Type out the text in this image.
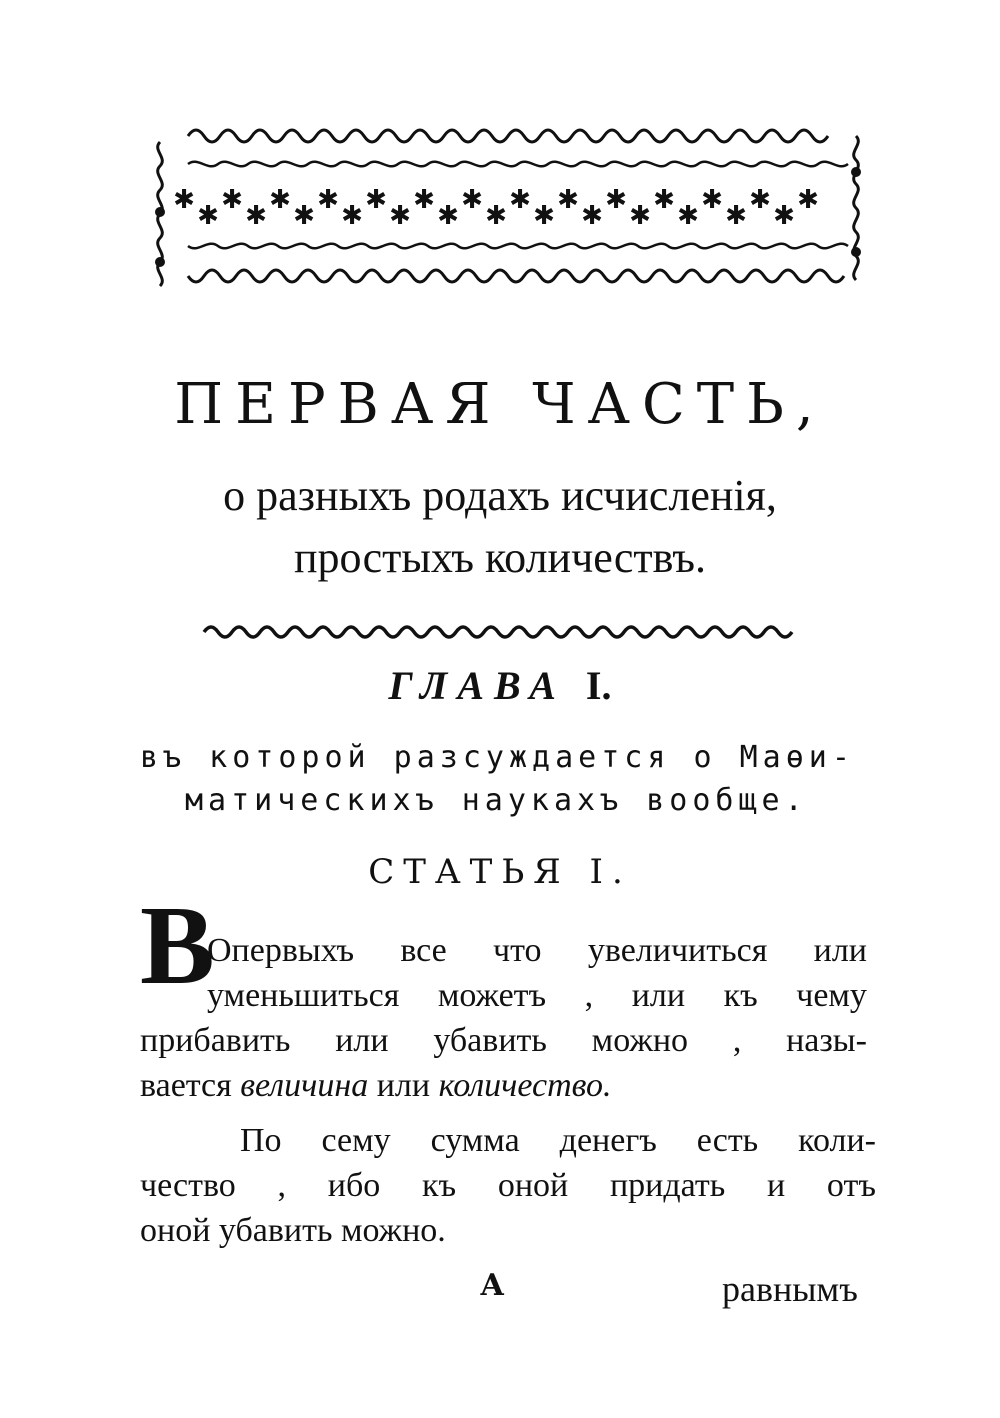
✱ ✱ ✱ ✱ ✱ ✱ ✱ ✱ ✱ ✱ ✱ ✱ ✱ ✱
✱ ✱ ✱ ✱ ✱ ✱ ✱ ✱ ✱ ✱ ✱ ✱ ✱
ПЕРВАЯ ЧАСТЬ,
о разныхъ родахъ исчисленiя,
простыхъ количествъ.
ГЛАВА I.
въ которой разсуждается о Маөи-
матическихъ наукахъ вообще.
СТАТЬЯ I.
В
Опервыхъ все что увеличиться или
уменьшиться можетъ , или къ чему
прибавить или убавить можно , назы-
вается величина или количество.
По сему сумма денегъ есть коли-
чество , ибо къ оной придать и отъ
оной убавить можно.
А	равнымъ
